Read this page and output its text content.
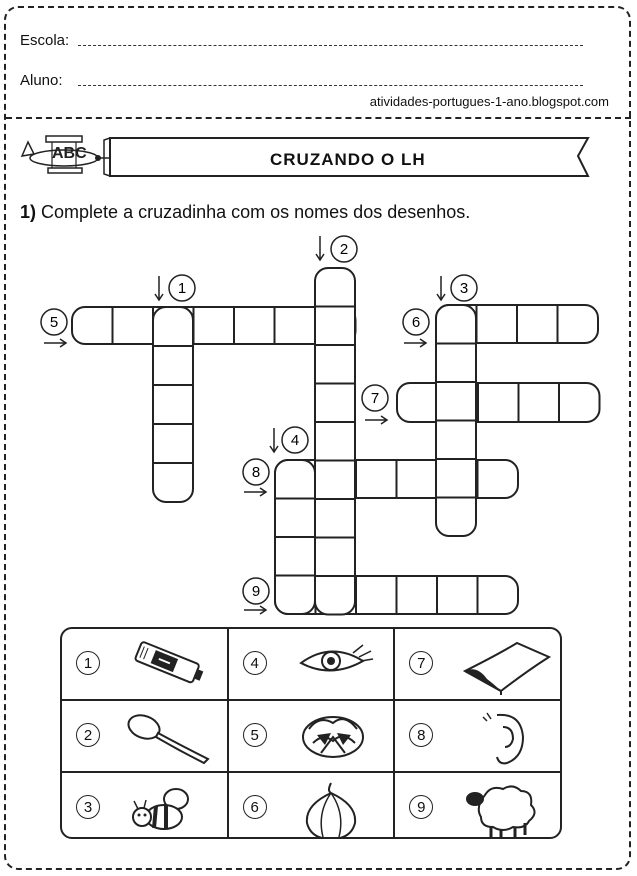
Escola:
Aluno:
atividades-portugues-1-ano.blogspot.com
ABC	CRUZANDO O LH
1) Complete a cruzadinha com os nomes dos desenhos.
5	6
7
8
9
1
2
3
4
1	4	7
2	5	8
3	6	9
